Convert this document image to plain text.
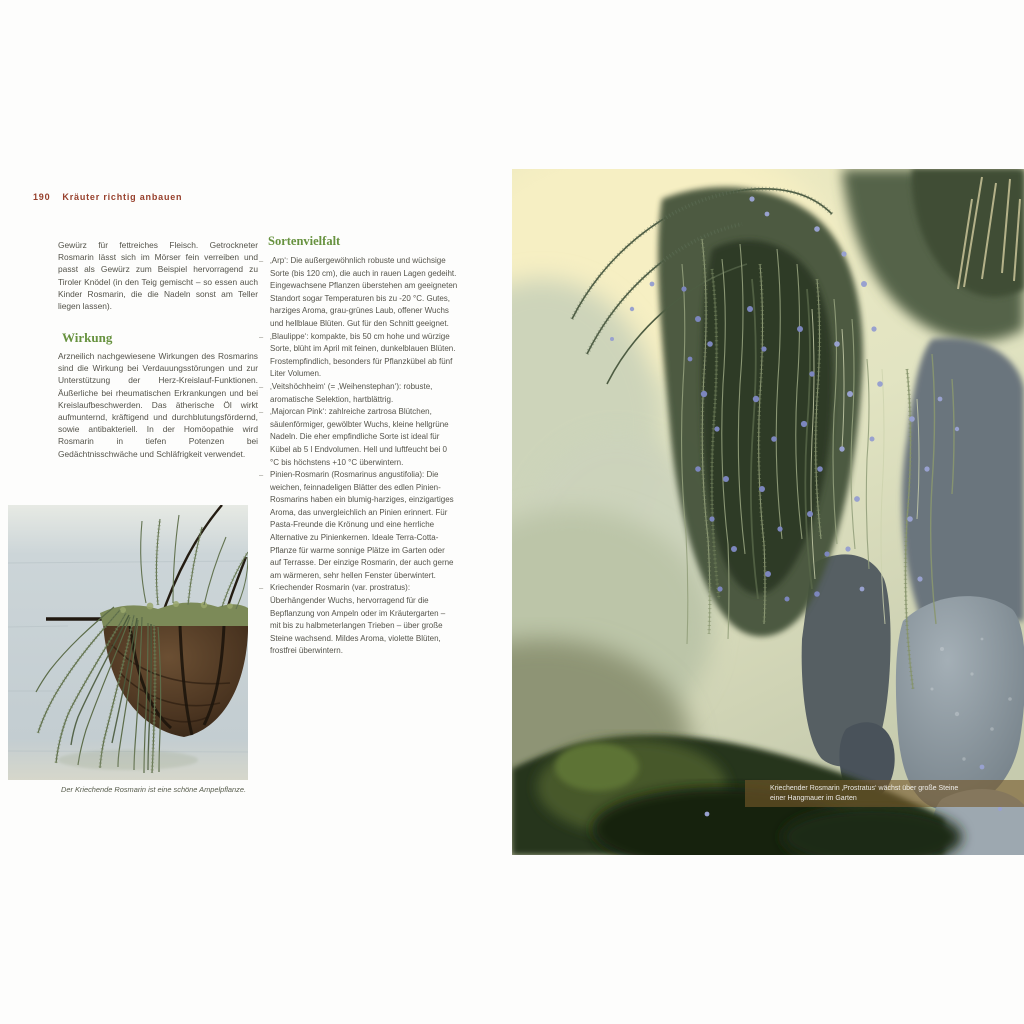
190 Kräuter richtig anbauen
Gewürz für fettreiches Fleisch. Getrockneter Rosmarin lässt sich im Mörser fein verreiben und passt als Gewürz zum Beispiel hervorragend zu Tiroler Knödel (in den Teig gemischt – so essen auch Kinder Rosmarin, die die Nadeln sonst am Teller liegen lassen).
Wirkung
Arzneilich nachgewiesene Wirkungen des Rosmarins sind die Wirkung bei Verdauungsstörungen und zur Unterstützung der Herz-Kreislauf-Funktionen. Äußerliche bei rheumatischen Erkrankungen und bei Kreislaufbeschwerden. Das ätherische Öl wirkt aufmunternd, kräftigend und durchblutungsfördernd, sowie antibakteriell. In der Homöopathie wird Rosmarin in tiefen Potenzen bei Gedächtnisschwäche und Schläfrigkeit verwendet.
Sortenvielfalt
– ‚Arp‘: Die außergewöhnlich robuste und wüchsige Sorte (bis 120 cm), die auch in rauen Lagen gedeiht. Eingewachsene Pflanzen überstehen am geeigneten Standort sogar Temperaturen bis zu -20 °C. Gutes, harziges Aroma, grau-grünes Laub, offener Wuchs und hellblaue Blüten. Gut für den Schnitt geeignet.
– ‚Blaulippe‘: kompakte, bis 50 cm hohe und würzige Sorte, blüht im April mit feinen, dunkelblauen Blüten. Frostempfindlich, besonders für Pflanzkübel ab fünf Liter Volumen.
– ‚Veitshöchheim‘ (= ‚Weihenstephan‘): robuste, aromatische Selektion, hartblättrig.
– ‚Majorcan Pink‘: zahlreiche zartrosa Blütchen, säulenförmiger, gewölbter Wuchs, kleine hellgrüne Nadeln. Die eher empfindliche Sorte ist ideal für Kübel ab 5 l Endvolumen. Hell und luftfeucht bei 0 °C bis höchstens +10 °C überwintern.
– Pinien-Rosmarin (Rosmarinus angustifolia): Die weichen, feinnadeligen Blätter des edlen Pinien-Rosmarins haben ein blumig-harziges, einzigartiges Aroma, das unvergleichlich an Pinien erinnert. Für Pasta-Freunde die Krönung und eine herrliche Alternative zu Pinienkernen. Ideale Terra-Cotta-Pflanze für warme sonnige Plätze im Garten oder auf Terrasse. Der einzige Rosmarin, der auch gerne am wärmeren, sehr hellen Fenster überwintert.
– Kriechender Rosmarin (var. prostratus): Überhängender Wuchs, hervorragend für die Bepflanzung von Ampeln oder im Kräutergarten – mit bis zu halbmeterlangen Trieben – über große Steine wachsend. Mildes Aroma, violette Blüten, frostfrei überwintern.
Der Kriechende Rosmarin ist eine schöne Ampelpflanze.	Kriechender Rosmarin ‚Prostratus‘ wächst über große Steine
einer Hangmauer im Garten
